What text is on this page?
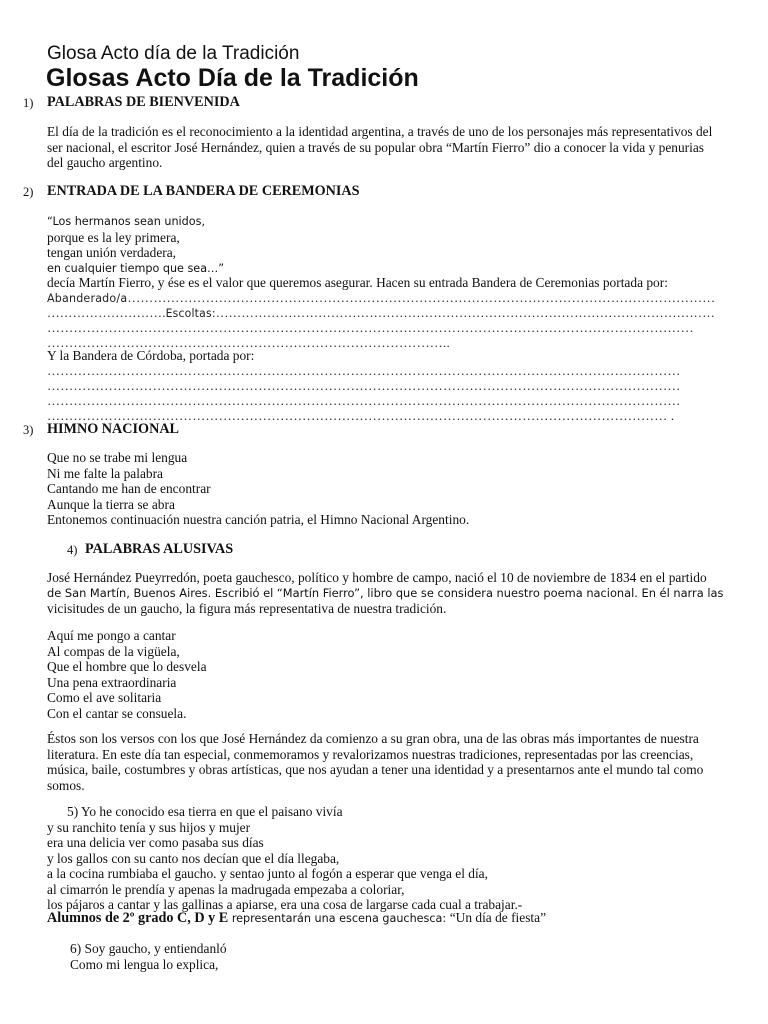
Glosa Acto día de la Tradición
Glosas Acto Día de la Tradición
1) PALABRAS DE BIENVENIDA
El día de la tradición es el reconocimiento a la identidad argentina, a través de uno de los personajes más representativos del
ser nacional, el escritor José Hernández, quien a través de su popular obra “Martín Fierro” dio a conocer la vida y penurias
del gaucho argentino.
2) ENTRADA DE LA BANDERA DE CEREMONIAS
“Los hermanos sean unidos,
porque es la ley primera,
tengan unión verdadera,
en cualquier tiempo que sea…”
decía Martín Fierro, y ése es el valor que queremos asegurar. Hacen su entrada Bandera de Ceremonias portada por:
Abanderado/a………………………………………………………………………………………………………………………
……………………….Escoltas:………………………………………………………………………………………………………
…………………………………………………………………………………………………………………………………
………………………………………………………………………………..
Y la Bandera de Córdoba, portada por:
………………………………………………………………………………………………………………………………
………………………………………………………………………………………………………………………………
………………………………………………………………………………………………………………………………
…………………………………………………………………………………………………………………………… .
3) HIMNO NACIONAL
Que no se trabe mi lengua
Ni me falte la palabra
Cantando me han de encontrar
Aunque la tierra se abra
Entonemos continuación nuestra canción patria, el Himno Nacional Argentino.
4) PALABRAS ALUSIVAS
José Hernández Pueyrredón, poeta gauchesco, político y hombre de campo, nació el 10 de noviembre de 1834 en el partido
de San Martín, Buenos Aires. Escribió el “Martín Fierro”, libro que se considera nuestro poema nacional. En él narra las
vicisitudes de un gaucho, la figura más representativa de nuestra tradición.
Aquí me pongo a cantar
Al compas de la vigüela,
Que el hombre que lo desvela
Una pena extraordinaria
Como el ave solitaria
Con el cantar se consuela.
Éstos son los versos con los que José Hernández da comienzo a su gran obra, una de las obras más importantes de nuestra
literatura. En este día tan especial, conmemoramos y revalorizamos nuestras tradiciones, representadas por las creencias,
música, baile, costumbres y obras artísticas, que nos ayudan a tener una identidad y a presentarnos ante el mundo tal como
somos.
5) Yo he conocido esa tierra en que el paisano vivía
y su ranchito tenía y sus hijos y mujer
era una delicia ver como pasaba sus días
y los gallos con su canto nos decían que el día llegaba,
a la cocina rumbiaba el gaucho. y sentao junto al fogón a esperar que venga el día,
al cimarrón le prendía y apenas la madrugada empezaba a coloriar,
los pájaros a cantar y las gallinas a apiarse, era una cosa de largarse cada cual a trabajar.-
Alumnos de 2º grado C, D y E representarán una escena gauchesca: “Un día de fiesta”
6) Soy gaucho, y entiendanló
Como mi lengua lo explica,
